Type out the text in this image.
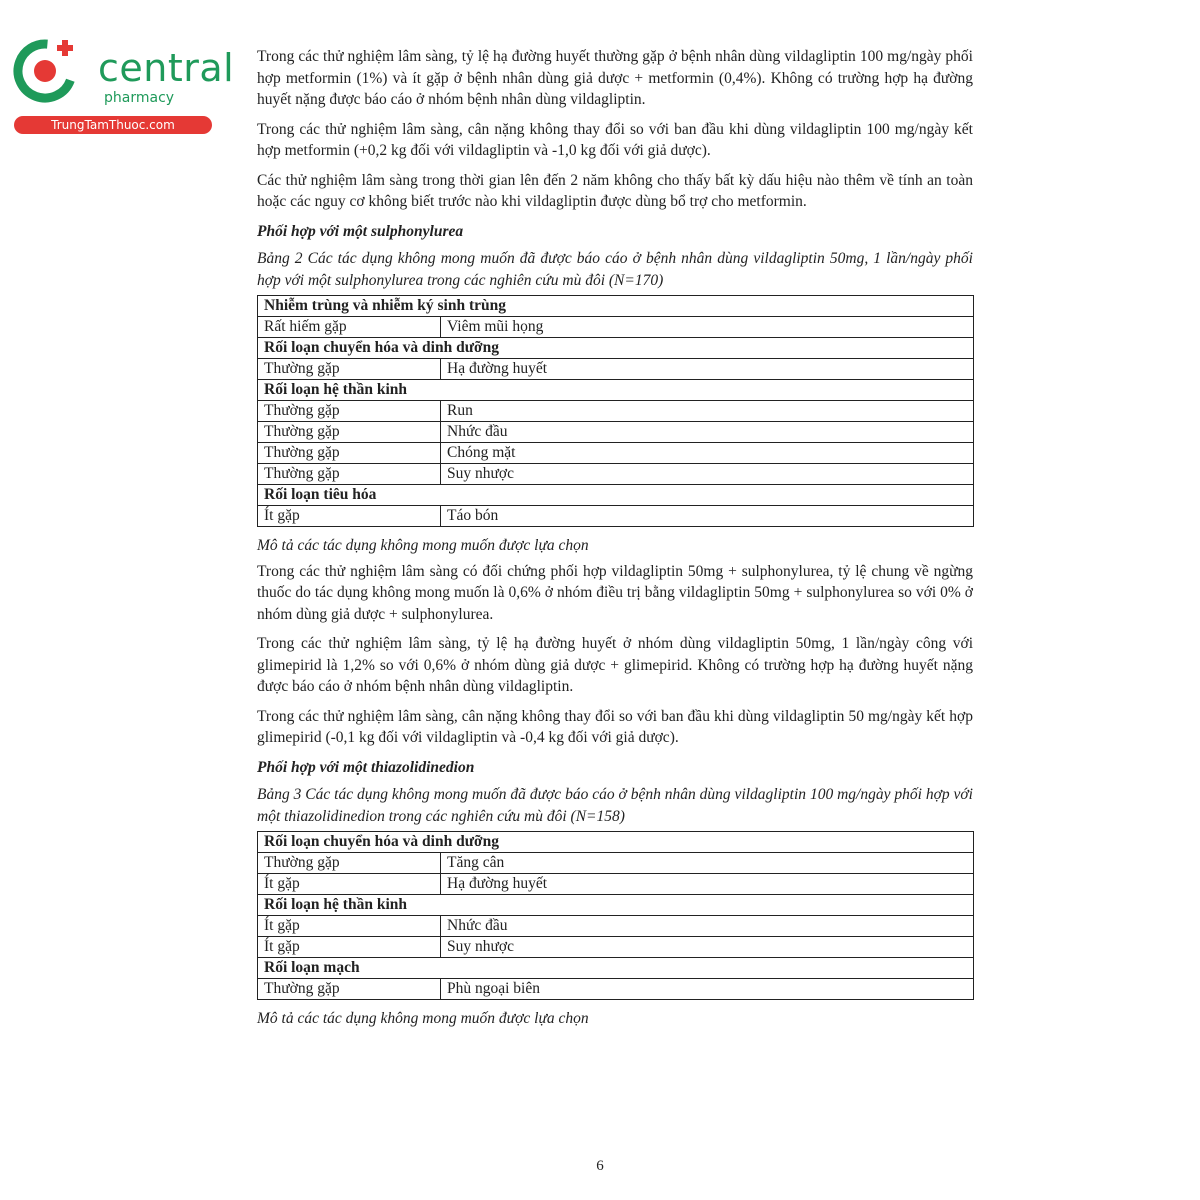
central
pharmacy
TrungTamThuoc.com

Trong các thử nghiệm lâm sàng, tỷ lệ hạ đường huyết thường gặp ở bệnh nhân dùng vildagliptin 100 mg/ngày phối hợp metformin (1%) và ít gặp ở bệnh nhân dùng giả dược + metformin (0,4%). Không có trường hợp hạ đường huyết nặng được báo cáo ở nhóm bệnh nhân dùng vildagliptin.

Trong các thử nghiệm lâm sàng, cân nặng không thay đổi so với ban đầu khi dùng vildagliptin 100 mg/ngày kết hợp metformin (+0,2 kg đối với vildagliptin và -1,0 kg đối với giả dược).

Các thử nghiệm lâm sàng trong thời gian lên đến 2 năm không cho thấy bất kỳ dấu hiệu nào thêm về tính an toàn hoặc các nguy cơ không biết trước nào khi vildagliptin được dùng bổ trợ cho metformin.

Phối hợp với một sulphonylurea

Bảng 2 Các tác dụng không mong muốn đã được báo cáo ở bệnh nhân dùng vildagliptin 50mg, 1 lần/ngày phối hợp với một sulphonylurea trong các nghiên cứu mù đôi (N=170)

Nhiễm trùng và nhiễm ký sinh trùng	
Rất hiếm gặp	Viêm mũi họng
Rối loạn chuyển hóa và dinh dưỡng	
Thường gặp	Hạ đường huyết
Rối loạn hệ thần kinh	
Thường gặp	Run
Thường gặp	Nhức đầu
Thường gặp	Chóng mặt
Thường gặp	Suy nhược
Rối loạn tiêu hóa	
Ít gặp	Táo bón

Mô tả các tác dụng không mong muốn được lựa chọn

Trong các thử nghiệm lâm sàng có đối chứng phối hợp vildagliptin 50mg + sulphonylurea, tỷ lệ chung về ngừng thuốc do tác dụng không mong muốn là 0,6% ở nhóm điều trị bằng vildagliptin 50mg + sulphonylurea so với 0% ở nhóm dùng giả dược + sulphonylurea.

Trong các thử nghiệm lâm sàng, tỷ lệ hạ đường huyết ở nhóm dùng vildagliptin 50mg, 1 lần/ngày công với glimepirid là 1,2% so với 0,6% ở nhóm dùng giả dược + glimepirid. Không có trường hợp hạ đường huyết nặng được báo cáo ở nhóm bệnh nhân dùng vildagliptin.

Trong các thử nghiệm lâm sàng, cân nặng không thay đổi so với ban đầu khi dùng vildagliptin 50 mg/ngày kết hợp glimepirid (-0,1 kg đối với vildagliptin và -0,4 kg đối với giả dược).

Phối hợp với một thiazolidinedion

Bảng 3 Các tác dụng không mong muốn đã được báo cáo ở bệnh nhân dùng vildagliptin 100 mg/ngày phối hợp với một thiazolidinedion trong các nghiên cứu mù đôi (N=158)

Rối loạn chuyển hóa và dinh dưỡng	
Thường gặp	Tăng cân
Ít gặp	Hạ đường huyết
Rối loạn hệ thần kinh	
Ít gặp	Nhức đầu
Ít gặp	Suy nhược
Rối loạn mạch	
Thường gặp	Phù ngoại biên

Mô tả các tác dụng không mong muốn được lựa chọn

6
